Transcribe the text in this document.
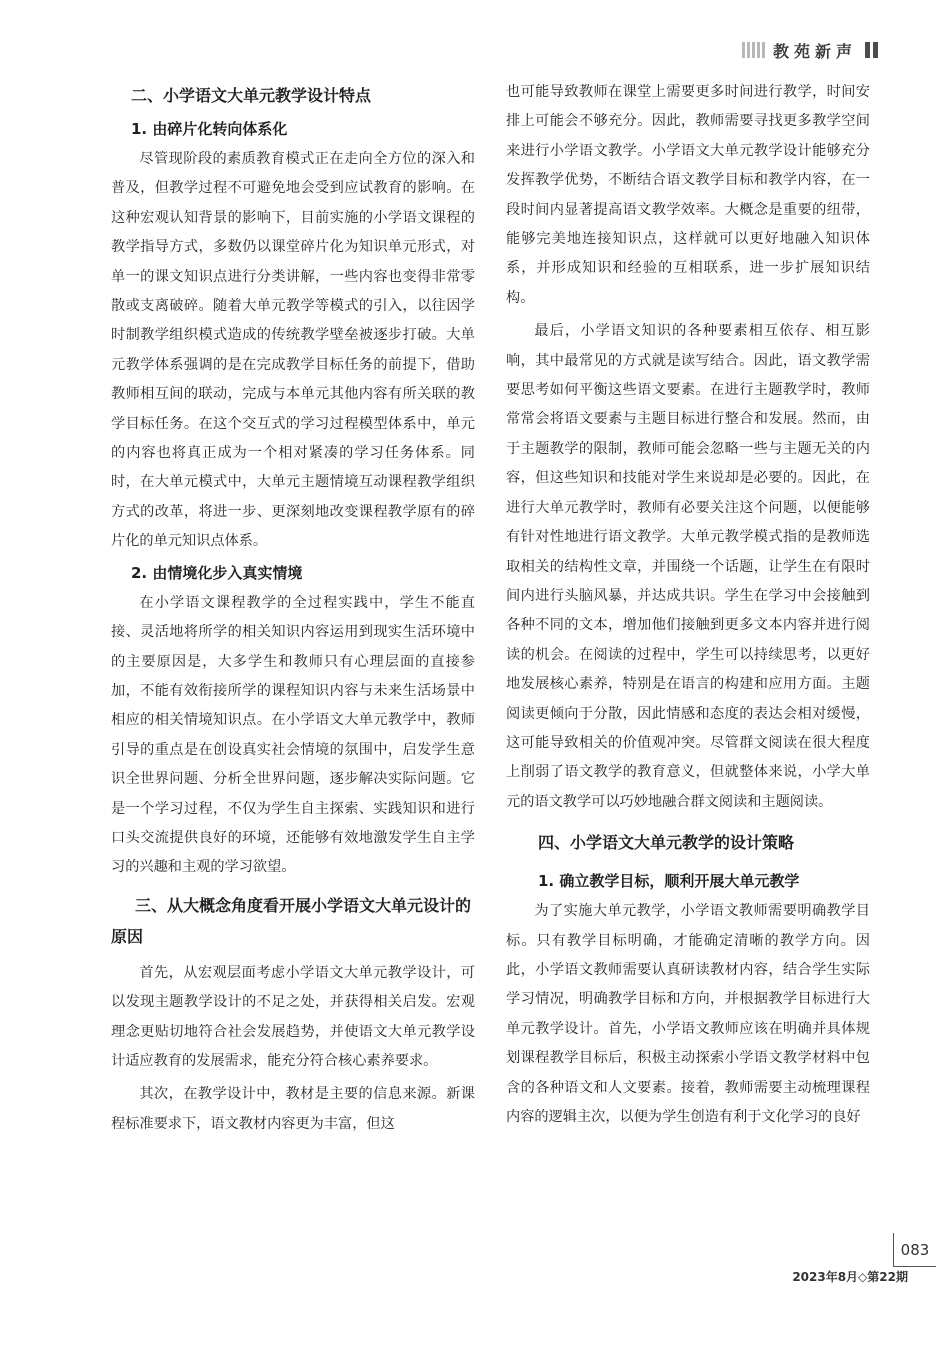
教苑新声
二、小学语文大单元教学设计特点
1. 由碎片化转向体系化

尽管现阶段的素质教育模式正在走向全方位的深入和普及，但教学过程不可避免地会受到应试教育的影响。在这种宏观认知背景的影响下，目前实施的小学语文课程的教学指导方式，多数仍以课堂碎片化为知识单元形式，对单一的课文知识点进行分类讲解，一些内容也变得非常零散或支离破碎。随着大单元教学等模式的引入，以往因学时制教学组织模式造成的传统教学壁垒被逐步打破。大单元教学体系强调的是在完成教学目标任务的前提下，借助教师相互间的联动，完成与本单元其他内容有所关联的教学目标任务。在这个交互式的学习过程模型体系中，单元的内容也将真正成为一个相对紧凑的学习任务体系。同时，在大单元模式中，大单元主题情境互动课程教学组织方式的改革，将进一步、更深刻地改变课程教学原有的碎片化的单元知识点体系。

2. 由情境化步入真实情境

在小学语文课程教学的全过程实践中，学生不能直接、灵活地将所学的相关知识内容运用到现实生活环境中的主要原因是，大多学生和教师只有心理层面的直接参加，不能有效衔接所学的课程知识内容与未来生活场景中相应的相关情境知识点。在小学语文大单元教学中，教师引导的重点是在创设真实社会情境的氛围中，启发学生意识全世界问题、分析全世界问题，逐步解决实际问题。它是一个学习过程，不仅为学生自主探索、实践知识和进行口头交流提供良好的环境，还能够有效地激发学生自主学习的兴趣和主观的学习欲望。

三、从大概念角度看开展小学语文大单元设计的原因

首先，从宏观层面考虑小学语文大单元教学设计，可以发现主题教学设计的不足之处，并获得相关启发。宏观理念更贴切地符合社会发展趋势，并使语文大单元教学设计适应教育的发展需求，能充分符合核心素养要求。

其次，在教学设计中，教材是主要的信息来源。新课程标准要求下，语文教材内容更为丰富，但这

也可能导致教师在课堂上需要更多时间进行教学，时间安排上可能会不够充分。因此，教师需要寻找更多教学空间来进行小学语文教学。小学语文大单元教学设计能够充分发挥教学优势，不断结合语文教学目标和教学内容，在一段时间内显著提高语文教学效率。大概念是重要的纽带，能够完美地连接知识点，这样就可以更好地融入知识体系，并形成知识和经验的互相联系，进一步扩展知识结构。

最后，小学语文知识的各种要素相互依存、相互影响，其中最常见的方式就是读写结合。因此，语文教学需要思考如何平衡这些语文要素。在进行主题教学时，教师常常会将语文要素与主题目标进行整合和发展。然而，由于主题教学的限制，教师可能会忽略一些与主题无关的内容，但这些知识和技能对学生来说却是必要的。因此，在进行大单元教学时，教师有必要关注这个问题，以便能够有针对性地进行语文教学。大单元教学模式指的是教师选取相关的结构性文章，并围绕一个话题，让学生在有限时间内进行头脑风暴，并达成共识。学生在学习中会接触到各种不同的文本，增加他们接触到更多文本内容并进行阅读的机会。在阅读的过程中，学生可以持续思考，以更好地发展核心素养，特别是在语言的构建和应用方面。主题阅读更倾向于分散，因此情感和态度的表达会相对缓慢，这可能导致相关的价值观冲突。尽管群文阅读在很大程度上削弱了语文教学的教育意义，但就整体来说，小学大单元的语文教学可以巧妙地融合群文阅读和主题阅读。

四、小学语文大单元教学的设计策略
1. 确立教学目标，顺利开展大单元教学

为了实施大单元教学，小学语文教师需要明确教学目标。只有教学目标明确，才能确定清晰的教学方向。因此，小学语文教师需要认真研读教材内容，结合学生实际学习情况，明确教学目标和方向，并根据教学目标进行大单元教学设计。首先，小学语文教师应该在明确并具体规划课程教学目标后，积极主动探索小学语文教学材料中包含的各种语文和人文要素。接着，教师需要主动梳理课程内容的逻辑主次，以便为学生创造有利于文化学习的良好

083
2023年8月◇第22期
